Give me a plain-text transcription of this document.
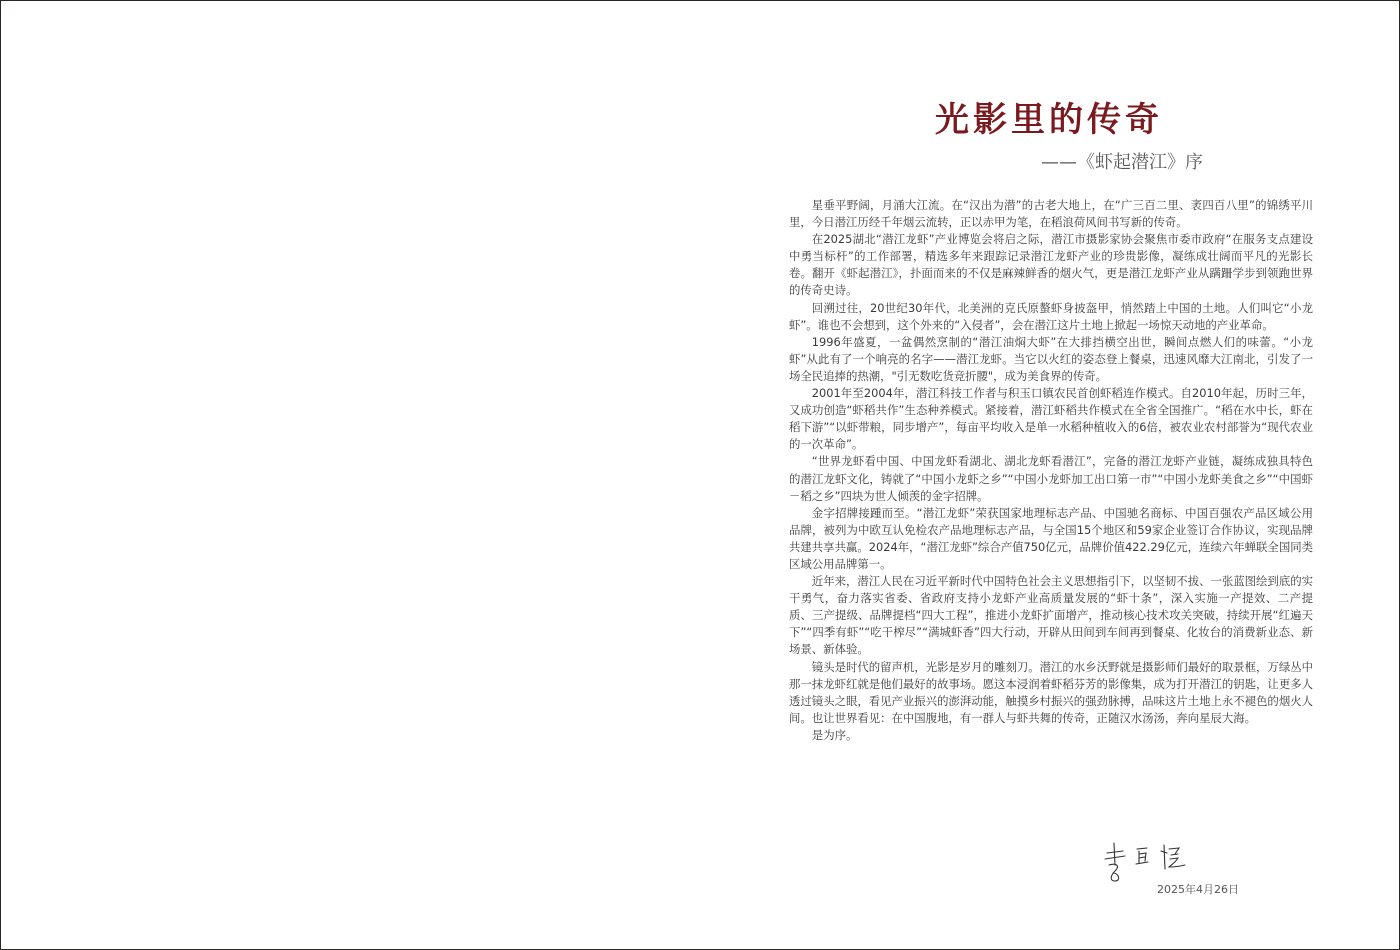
光影里的传奇
——《虾起潜江》序

星垂平野阔，月涌大江流。在“汉出为潜”的古老大地上，在“广三百二里、袤四百八里”的锦绣平川里，今日潜江历经千年烟云流转，正以赤甲为笔，在稻浪荷风间书写新的传奇。

在2025湖北“潜江龙虾”产业博览会将启之际，潜江市摄影家协会聚焦市委市政府“在服务支点建设中勇当标杆”的工作部署，精选多年来跟踪记录潜江龙虾产业的珍贵影像，凝练成壮阔而平凡的光影长卷。翻开《虾起潜江》，扑面而来的不仅是麻辣鲜香的烟火气，更是潜江龙虾产业从蹒跚学步到领跑世界的传奇史诗。

回溯过往，20世纪30年代，北美洲的克氏原螯虾身披盔甲，悄然踏上中国的土地。人们叫它“小龙虾”。谁也不会想到，这个外来的“入侵者”，会在潜江这片土地上掀起一场惊天动地的产业革命。

1996年盛夏，一盆偶然烹制的“潜江油焖大虾”在大排挡横空出世，瞬间点燃人们的味蕾。“小龙虾”从此有了一个响亮的名字——潜江龙虾。当它以火红的姿态登上餐桌，迅速风靡大江南北，引发了一场全民追捧的热潮，"引无数吃货竞折腰"，成为美食界的传奇。

2001年至2004年，潜江科技工作者与积玉口镇农民首创虾稻连作模式。自2010年起，历时三年，又成功创造“虾稻共作”生态种养模式。紧接着，潜江虾稻共作模式在全省全国推广。“稻在水中长，虾在稻下游”“以虾带粮，同步增产”，每亩平均收入是单一水稻种植收入的6倍，被农业农村部誉为“现代农业的一次革命”。

“世界龙虾看中国、中国龙虾看湖北、湖北龙虾看潜江”，完备的潜江龙虾产业链，凝练成独具特色的潜江龙虾文化，铸就了“中国小龙虾之乡”“中国小龙虾加工出口第一市”“中国小龙虾美食之乡”“中国虾－稻之乡”四块为世人倾羡的金字招牌。

金字招牌接踵而至。“潜江龙虾”荣获国家地理标志产品、中国驰名商标、中国百强农产品区域公用品牌，被列为中欧互认免检农产品地理标志产品，与全国15个地区和59家企业签订合作协议，实现品牌共建共享共赢。2024年，“潜江龙虾”综合产值750亿元，品牌价值422.29亿元，连续六年蝉联全国同类区域公用品牌第一。

近年来，潜江人民在习近平新时代中国特色社会主义思想指引下，以坚韧不拔、一张蓝图绘到底的实干勇气，奋力落实省委、省政府支持小龙虾产业高质量发展的“虾十条”，深入实施一产提效、二产提质、三产提级、品牌提档“四大工程”，推进小龙虾扩面增产，推动核心技术攻关突破，持续开展“红遍天下”“四季有虾”“吃干榨尽”“满城虾香”四大行动，开辟从田间到车间再到餐桌、化妆台的消费新业态、新场景、新体验。

镜头是时代的留声机，光影是岁月的雕刻刀。潜江的水乡沃野就是摄影师们最好的取景框，万绿丛中那一抹龙虾红就是他们最好的故事场。愿这本浸润着虾稻芬芳的影像集，成为打开潜江的钥匙，让更多人透过镜头之眼，看见产业振兴的澎湃动能，触摸乡村振兴的强劲脉搏，品味这片土地上永不褪色的烟火人间。也让世界看见：在中国腹地，有一群人与虾共舞的传奇，正随汉水汤汤，奔向星辰大海。

是为序。

2025年4月26日
